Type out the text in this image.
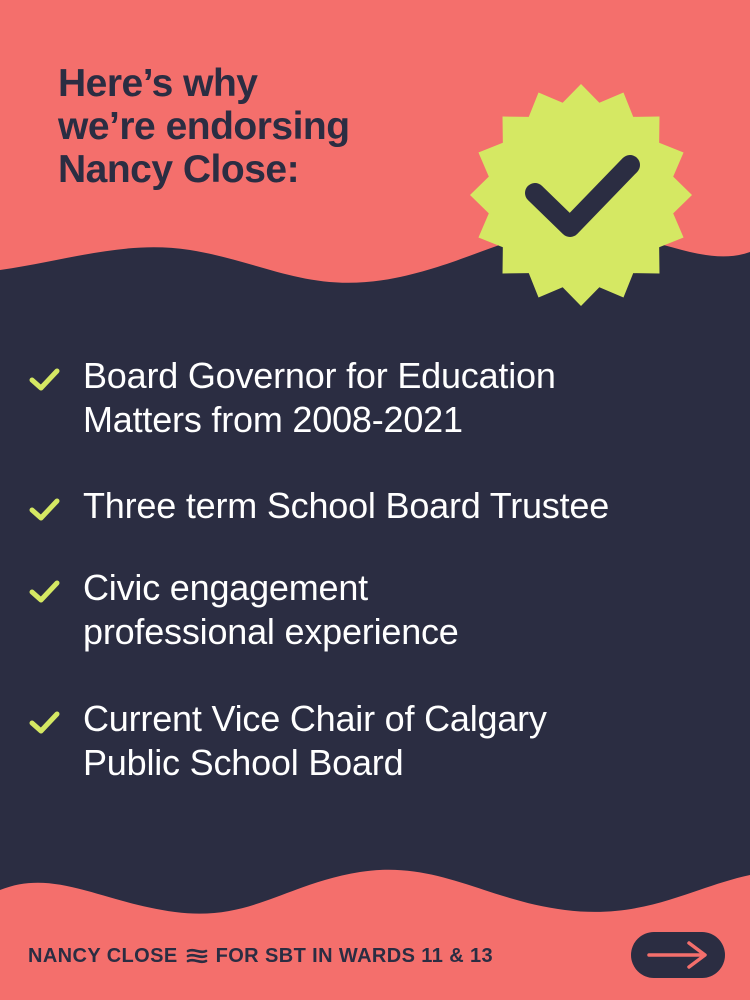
Here’s why
we’re endorsing
Nancy Close:
Board Governor for Education
Matters from 2008-2021
Three term School Board Trustee
Civic engagement
professional experience
Current Vice Chair of Calgary
Public School Board
NANCY CLOSE FOR SBT IN WARDS 11 & 13
